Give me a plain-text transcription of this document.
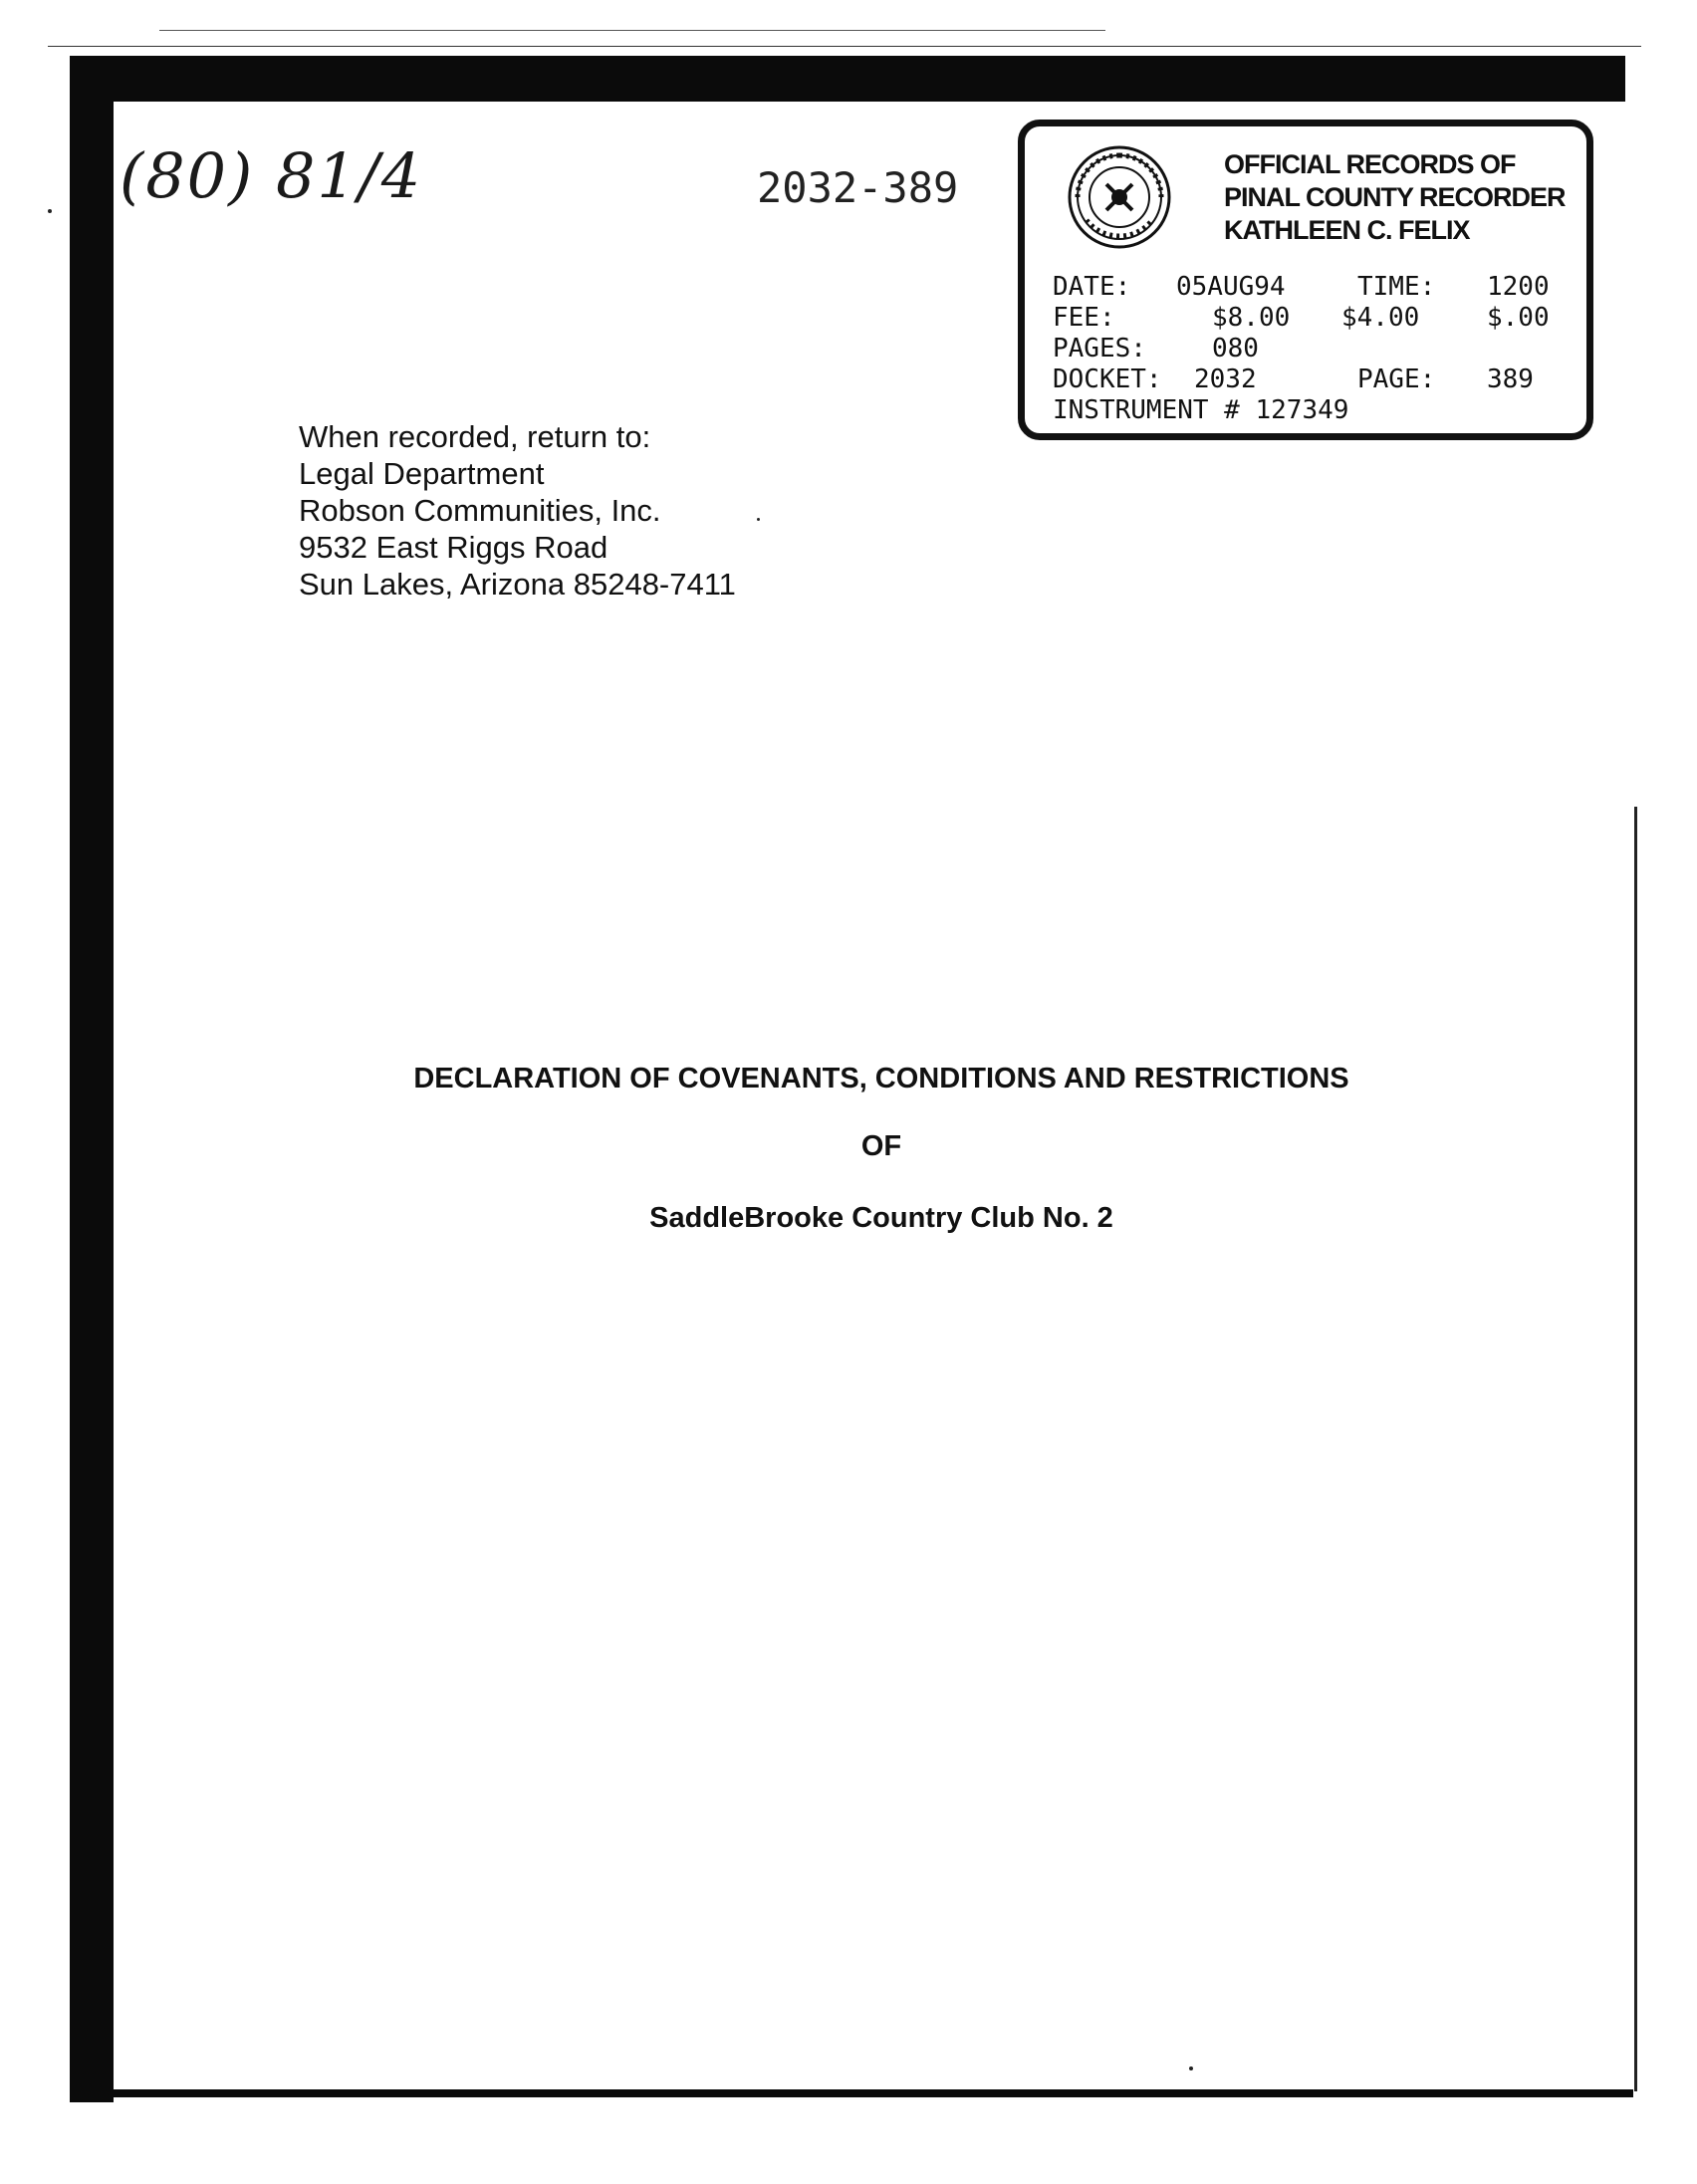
(80) 81/4	2032-389	OFFICIAL RECORDS OF
PINAL COUNTY RECORDER
KATHLEEN C. FELIX
DATE: 05AUG94	TIME: 1200
FEE:	$8.00 $4.00	$.00
PAGES:	080
DOCKET: 2032	PAGE: 389
INSTRUMENT # 127349
When recorded, return to:
Legal Department
Robson Communities, Inc.
9532 East Riggs Road
Sun Lakes, Arizona 85248-7411
DECLARATION OF COVENANTS, CONDITIONS AND RESTRICTIONS
OF
SaddleBrooke Country Club No. 2
